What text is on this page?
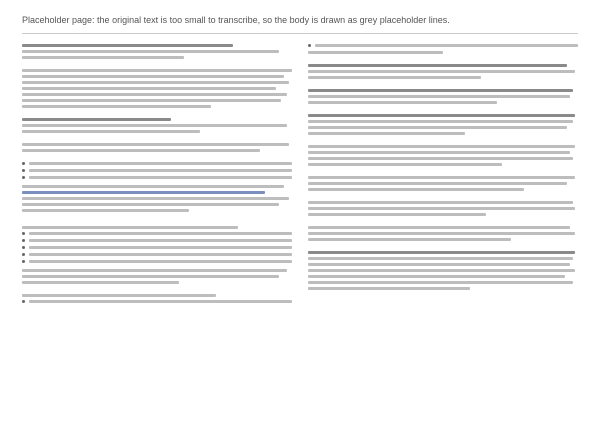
Placeholder page: the original text is too small to transcribe, so the body is drawn as grey placeholder lines.
